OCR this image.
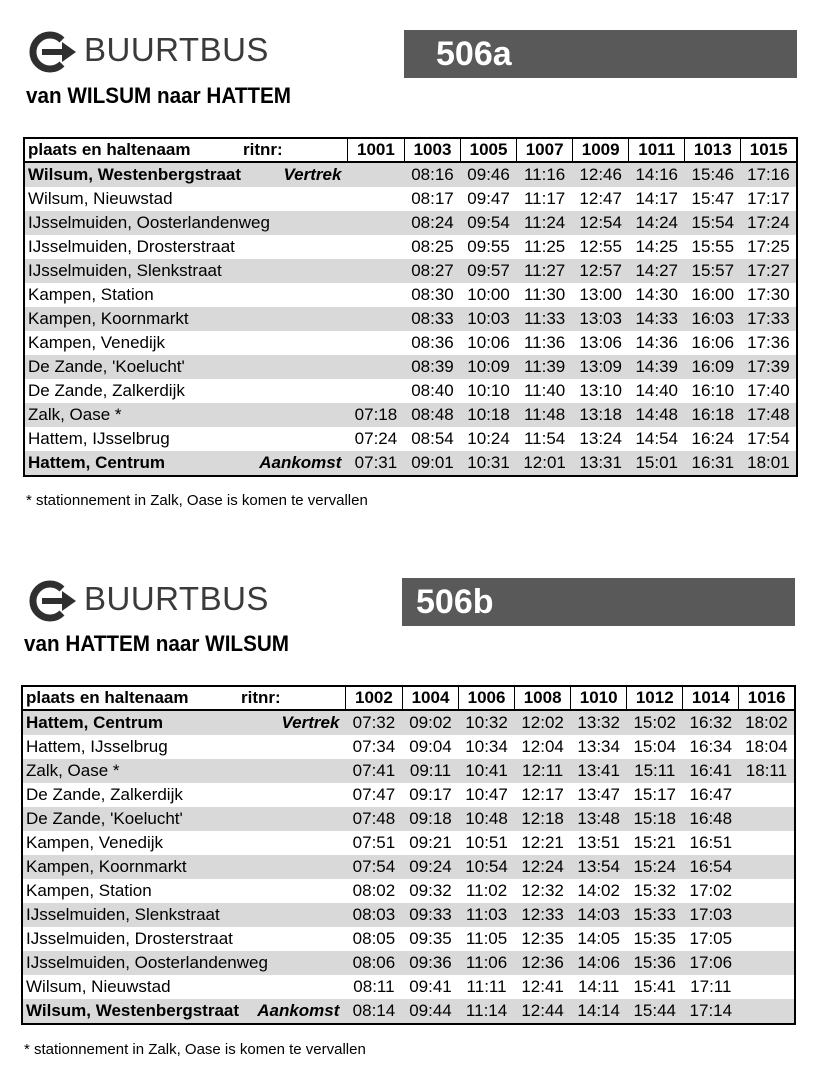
BUURTBUS	506a
van WILSUM naar HATTEM
plaats en haltenaam ritnr:	1001	1003	1005	1007	1009	1011	1013	1015

Wilsum, Westenbergstraat Vertrek		08:16	09:46	11:16	12:46	14:16	15:46	17:16

Wilsum, Nieuwstad		08:17	09:47	11:17	12:47	14:17	15:47	17:17

IJsselmuiden, Oosterlandenweg		08:24	09:54	11:24	12:54	14:24	15:54	17:24

IJsselmuiden, Drosterstraat		08:25	09:55	11:25	12:55	14:25	15:55	17:25

IJsselmuiden, Slenkstraat		08:27	09:57	11:27	12:57	14:27	15:57	17:27

Kampen, Station		08:30	10:00	11:30	13:00	14:30	16:00	17:30

Kampen, Koornmarkt		08:33	10:03	11:33	13:03	14:33	16:03	17:33

Kampen, Venedijk		08:36	10:06	11:36	13:06	14:36	16:06	17:36

De Zande, 'Koelucht'		08:39	10:09	11:39	13:09	14:39	16:09	17:39

De Zande, Zalkerdijk		08:40	10:10	11:40	13:10	14:40	16:10	17:40

Zalk, Oase *	07:18	08:48	10:18	11:48	13:18	14:48	16:18	17:48

Hattem, IJsselbrug	07:24	08:54	10:24	11:54	13:24	14:54	16:24	17:54

Hattem, Centrum Aankomst	07:31	09:01	10:31	12:01	13:31	15:01	16:31	18:01
* stationnement in Zalk, Oase is komen te vervallen
BUURTBUS	506b
van HATTEM naar WILSUM
plaats en haltenaam ritnr:	1002	1004	1006	1008	1010	1012	1014	1016

Hattem, Centrum Vertrek	07:32	09:02	10:32	12:02	13:32	15:02	16:32	18:02

Hattem, IJsselbrug	07:34	09:04	10:34	12:04	13:34	15:04	16:34	18:04

Zalk, Oase *	07:41	09:11	10:41	12:11	13:41	15:11	16:41	18:11

De Zande, Zalkerdijk	07:47	09:17	10:47	12:17	13:47	15:17	16:47	

De Zande, 'Koelucht'	07:48	09:18	10:48	12:18	13:48	15:18	16:48	

Kampen, Venedijk	07:51	09:21	10:51	12:21	13:51	15:21	16:51	

Kampen, Koornmarkt	07:54	09:24	10:54	12:24	13:54	15:24	16:54	

Kampen, Station	08:02	09:32	11:02	12:32	14:02	15:32	17:02	

IJsselmuiden, Slenkstraat	08:03	09:33	11:03	12:33	14:03	15:33	17:03	

IJsselmuiden, Drosterstraat	08:05	09:35	11:05	12:35	14:05	15:35	17:05	

IJsselmuiden, Oosterlandenweg	08:06	09:36	11:06	12:36	14:06	15:36	17:06	

Wilsum, Nieuwstad	08:11	09:41	11:11	12:41	14:11	15:41	17:11	

Wilsum, Westenbergstraat Aankomst	08:14	09:44	11:14	12:44	14:14	15:44	17:14	
* stationnement in Zalk, Oase is komen te vervallen
